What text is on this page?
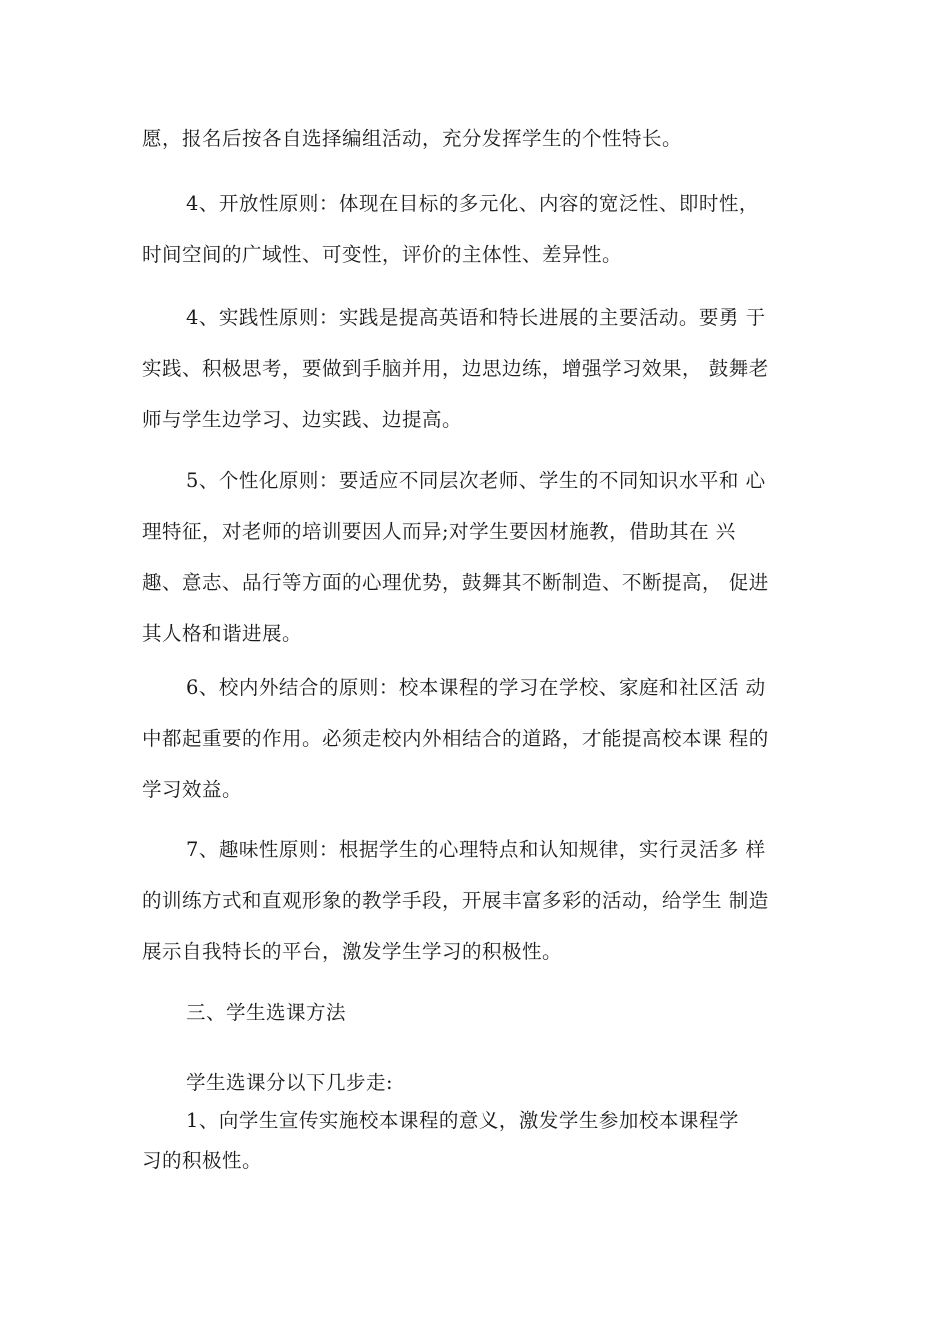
愿，报名后按各自选择编组活动，充分发挥学生的个性特长。

4、开放性原则：体现在目标的多元化、内容的宽泛性、即时性，
时间空间的广域性、可变性，评价的主体性、差异性。

4、实践性原则：实践是提高英语和特长进展的主要活动。要勇 于
实践、积极思考，要做到手脑并用，边思边练，增强学习效果， 鼓舞老
师与学生边学习、边实践、边提高。

5、个性化原则：要适应不同层次老师、学生的不同知识水平和 心
理特征，对老师的培训要因人而异;对学生要因材施教，借助其在 兴
趣、意志、品行等方面的心理优势，鼓舞其不断制造、不断提高， 促进
其人格和谐进展。

6、校内外结合的原则：校本课程的学习在学校、家庭和社区活 动
中都起重要的作用。必须走校内外相结合的道路，才能提高校本课 程的
学习效益。

7、趣味性原则：根据学生的心理特点和认知规律，实行灵活多 样
的训练方式和直观形象的教学手段，开展丰富多彩的活动，给学生 制造
展示自我特长的平台，激发学生学习的积极性。

三、学生选课方法

学生选课分以下几步走:

1、向学生宣传实施校本课程的意义，激发学生参加校本课程学
习的积极性。
